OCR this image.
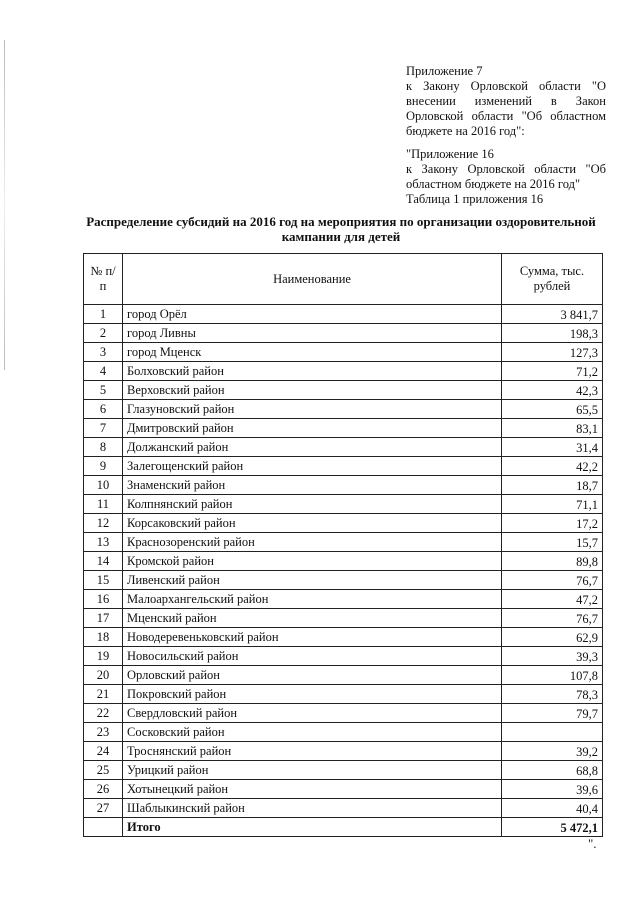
Приложение 7

к Закону Орловской области "О внесении изменений в Закон Орловской области "Об областном бюджете на 2016 год":

"Приложение 16

к Закону Орловской области "Об областном бюджете на 2016 год"

Таблица 1 приложения 16

Распределение субсидий на 2016 год на мероприятия по организации оздоровительной кампании для детей
№ п/п	Наименование	Сумма, тыс. рублей
1	город Орёл	3 841,7
2	город Ливны	198,3
3	город Мценск	127,3
4	Болховский район	71,2
5	Верховский район	42,3
6	Глазуновский район	65,5
7	Дмитровский район	83,1
8	Должанский район	31,4
9	Залегощенский район	42,2
10	Знаменский район	18,7
11	Колпнянский район	71,1
12	Корсаковский район	17,2
13	Краснозоренский район	15,7
14	Кромской район	89,8
15	Ливенский район	76,7
16	Малоархангельский район	47,2
17	Мценский район	76,7
18	Новодеревеньковский район	62,9
19	Новосильский район	39,3
20	Орловский район	107,8
21	Покровский район	78,3
22	Свердловский район	79,7
23	Сосковский район	
24	Троснянский район	39,2
25	Урицкий район	68,8
26	Хотынецкий район	39,6
27	Шаблыкинский район	40,4
	Итого	5 472,1
".
